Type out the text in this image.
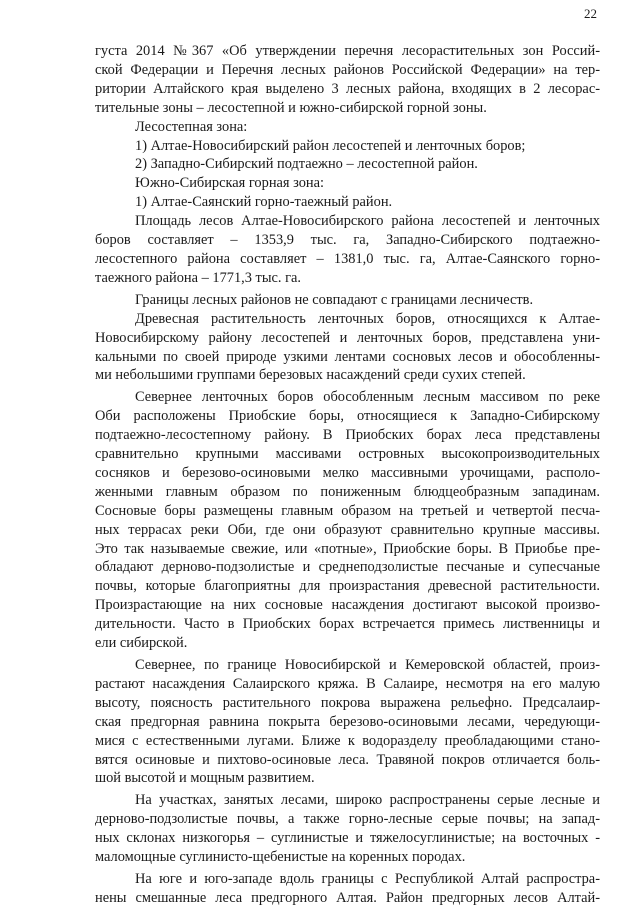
22
густа 2014 №367 «Об утверждении перечня лесорастительных зон Россий-
ской Федерации и Перечня лесных районов Российской Федерации» на тер-
ритории Алтайского края выделено 3 лесных района, входящих в 2 лесорас-
тительные зоны – лесостепной и южно-сибирской горной зоны.
Лесостепная зона:
1) Алтае-Новосибирский район лесостепей и ленточных боров;
2) Западно-Сибирский подтаежно – лесостепной район.
Южно-Сибирская горная зона:
1) Алтае-Саянский горно-таежный район.
Площадь лесов Алтае-Новосибирского района лесостепей и ленточных
боров составляет – 1353,9 тыс. га, Западно-Сибирского подтаежно-
лесостепного района составляет – 1381,0 тыс. га, Алтае-Саянского горно-
таежного района – 1771,3 тыс. га.
Границы лесных районов не совпадают с границами лесничеств.
Древесная растительность ленточных боров, относящихся к Алтае-
Новосибирскому району лесостепей и ленточных боров, представлена уни-
кальными по своей природе узкими лентами сосновых лесов и обособленны-
ми небольшими группами березовых насаждений среди сухих степей.
Севернее ленточных боров обособленным лесным массивом по реке
Оби расположены Приобские боры, относящиеся к Западно-Сибирскому
подтаежно-лесостепному району. В Приобских борах леса представлены
сравнительно крупными массивами островных высокопроизводительных
сосняков и березово-осиновыми мелко массивными урочищами, располо-
женными главным образом по пониженным блюдцеобразным западинам.
Сосновые боры размещены главным образом на третьей и четвертой песча-
ных террасах реки Оби, где они образуют сравнительно крупные массивы.
Это так называемые свежие, или «потные», Приобские боры. В Приобье пре-
обладают дерново-подзолистые и среднеподзолистые песчаные и супесчаные
почвы, которые благоприятны для произрастания древесной растительности.
Произрастающие на них сосновые насаждения достигают высокой произво-
дительности. Часто в Приобских борах встречается примесь лиственницы и
ели сибирской.
Севернее, по границе Новосибирской и Кемеровской областей, произ-
растают насаждения Салаирского кряжа. В Салаире, несмотря на его малую
высоту, поясность растительного покрова выражена рельефно. Предсалаир-
ская предгорная равнина покрыта березово-осиновыми лесами, чередующи-
мися с естественными лугами. Ближе к водоразделу преобладающими стано-
вятся осиновые и пихтово-осиновые леса. Травяной покров отличается боль-
шой высотой и мощным развитием.
На участках, занятых лесами, широко распространены серые лесные и
дерново-подзолистые почвы, а также горно-лесные серые почвы; на запад-
ных склонах низкогорья – суглинистые и тяжелосуглинистые; на восточных -
маломощные суглинисто-щебенистые на коренных породах.
На юге и юго-западе вдоль границы с Республикой Алтай распростра-
нены смешанные леса предгорного Алтая. Район предгорных лесов Алтай-
